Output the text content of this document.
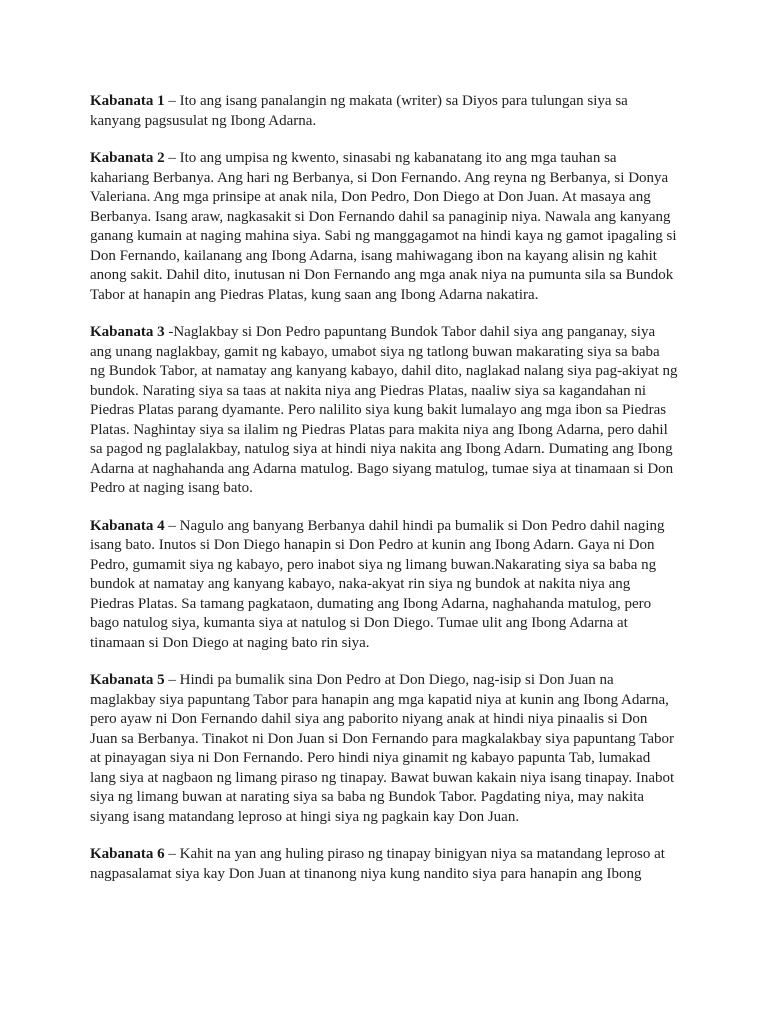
Kabanata 1 – Ito ang isang panalangin ng makata (writer) sa Diyos para tulungan siya sa kanyang pagsusulat ng Ibong Adarna.

Kabanata 2 – Ito ang umpisa ng kwento, sinasabi ng kabanatang ito ang mga tauhan sa kahariang Berbanya. Ang hari ng Berbanya, si Don Fernando. Ang reyna ng Berbanya, si Donya Valeriana. Ang mga prinsipe at anak nila, Don Pedro, Don Diego at Don Juan. At masaya ang Berbanya. Isang araw, nagkasakit si Don Fernando dahil sa panaginip niya. Nawala ang kanyang ganang kumain at naging mahina siya. Sabi ng manggagamot na hindi kaya ng gamot ipagaling si Don Fernando, kailanang ang Ibong Adarna, isang mahiwagang ibon na kayang alisin ng kahit anong sakit. Dahil dito, inutusan ni Don Fernando ang mga anak niya na pumunta sila sa Bundok Tabor at hanapin ang Piedras Platas, kung saan ang Ibong Adarna nakatira.

Kabanata 3 -Naglakbay si Don Pedro papuntang Bundok Tabor dahil siya ang panganay, siya ang unang naglakbay, gamit ng kabayo, umabot siya ng tatlong buwan makarating siya sa baba ng Bundok Tabor, at namatay ang kanyang kabayo, dahil dito, naglakad nalang siya pag-akiyat ng bundok. Narating siya sa taas at nakita niya ang Piedras Platas, naaliw siya sa kagandahan ni Piedras Platas parang dyamante. Pero nalilito siya kung bakit lumalayo ang mga ibon sa Piedras Platas. Naghintay siya sa ilalim ng Piedras Platas para makita niya ang Ibong Adarna, pero dahil sa pagod ng paglalakbay, natulog siya at hindi niya nakita ang Ibong Adarn. Dumating ang Ibong Adarna at naghahanda ang Adarna matulog. Bago siyang matulog, tumae siya at tinamaan si Don Pedro at naging isang bato.

Kabanata 4 – Nagulo ang banyang Berbanya dahil hindi pa bumalik si Don Pedro dahil naging isang bato. Inutos si Don Diego hanapin si Don Pedro at kunin ang Ibong Adarn. Gaya ni Don Pedro, gumamit siya ng kabayo, pero inabot siya ng limang buwan.Nakarating siya sa baba ng bundok at namatay ang kanyang kabayo, naka-akyat rin siya ng bundok at nakita niya ang Piedras Platas. Sa tamang pagkataon, dumating ang Ibong Adarna, naghahanda matulog, pero bago natulog siya, kumanta siya at natulog si Don Diego. Tumae ulit ang Ibong Adarna at tinamaan si Don Diego at naging bato rin siya.

Kabanata 5 – Hindi pa bumalik sina Don Pedro at Don Diego, nag-isip si Don Juan na maglakbay siya papuntang Tabor para hanapin ang mga kapatid niya at kunin ang Ibong Adarna, pero ayaw ni Don Fernando dahil siya ang paborito niyang anak at hindi niya pinaalis si Don Juan sa Berbanya. Tinakot ni Don Juan si Don Fernando para magkalakbay siya papuntang Tabor at pinayagan siya ni Don Fernando. Pero hindi niya ginamit ng kabayo papunta Tab, lumakad lang siya at nagbaon ng limang piraso ng tinapay. Bawat buwan kakain niya isang tinapay. Inabot siya ng limang buwan at narating siya sa baba ng Bundok Tabor. Pagdating niya, may nakita siyang isang matandang leproso at hingi siya ng pagkain kay Don Juan.

Kabanata 6 – Kahit na yan ang huling piraso ng tinapay binigyan niya sa matandang leproso at nagpasalamat siya kay Don Juan at tinanong niya kung nandito siya para hanapin ang Ibong
